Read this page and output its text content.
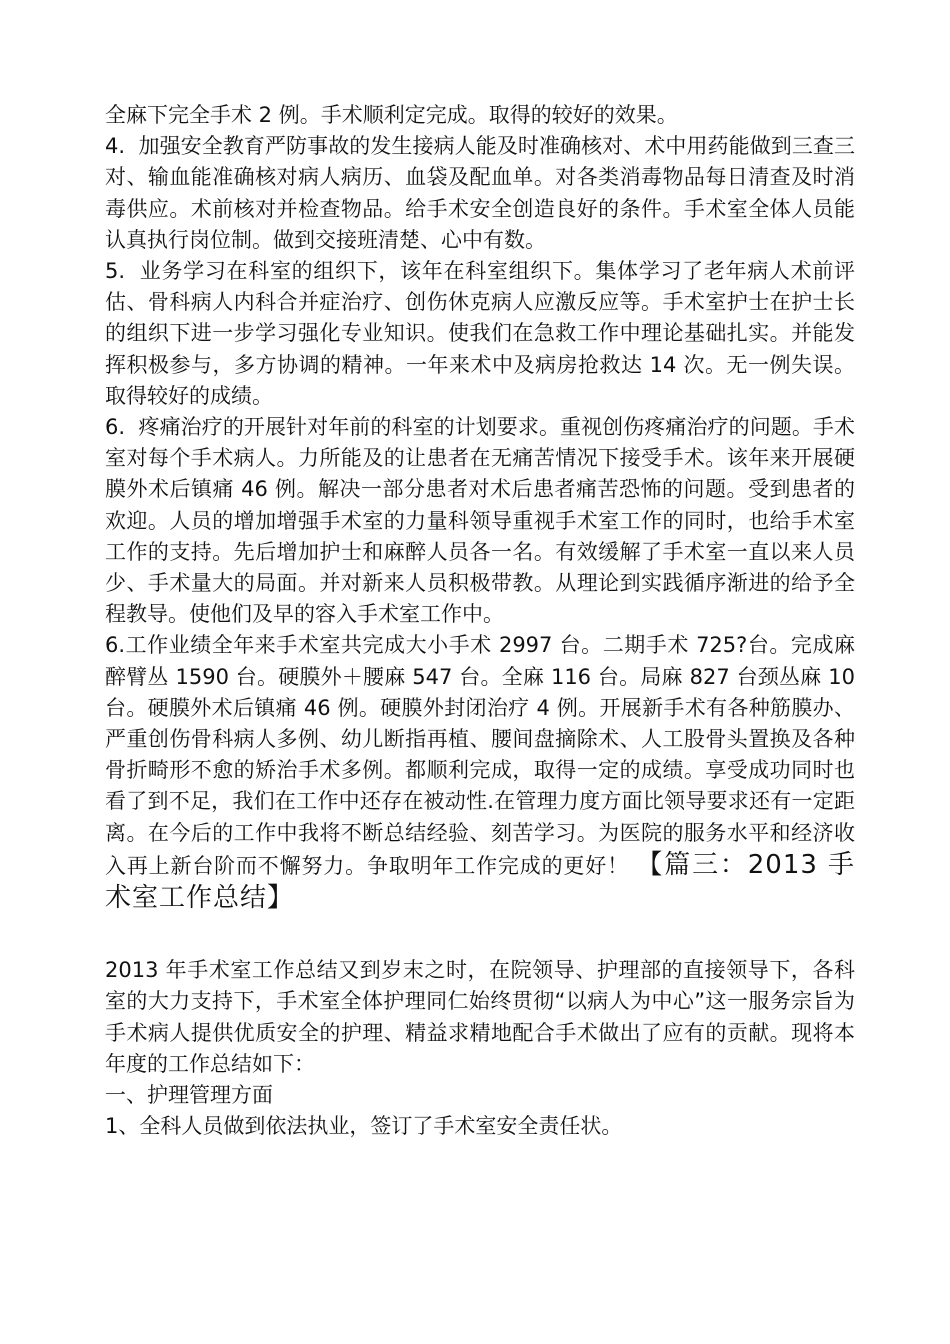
全麻下完全手术 2 例。手术顺利定完成。取得的较好的效果。

4.  加强安全教育严防事故的发生接病人能及时准确核对、术中用药能做到三查三对、输血能准确核对病人病历、血袋及配血单。对各类消毒物品每日清查及时消毒供应。术前核对并检查物品。给手术安全创造良好的条件。手术室全体人员能认真执行岗位制。做到交接班清楚、心中有数。

5.  业务学习在科室的组织下，该年在科室组织下。集体学习了老年病人术前评估、骨科病人内科合并症治疗、创伤休克病人应激反应等。手术室护士在护士长的组织下进一步学习强化专业知识。使我们在急救工作中理论基础扎实。并能发挥积极参与，多方协调的精神。一年来术中及病房抢救达 14 次。无一例失误。取得较好的成绩。

6.  疼痛治疗的开展针对年前的科室的计划要求。重视创伤疼痛治疗的问题。手术室对每个手术病人。力所能及的让患者在无痛苦情况下接受手术。该年来开展硬膜外术后镇痛 46 例。解决一部分患者对术后患者痛苦恐怖的问题。受到患者的欢迎。人员的增加增强手术室的力量科领导重视手术室工作的同时，也给手术室工作的支持。先后增加护士和麻醉人员各一名。有效缓解了手术室一直以来人员少、手术量大的局面。并对新来人员积极带教。从理论到实践循序渐进的给予全程教导。使他们及早的容入手术室工作中。

6.工作业绩全年来手术室共完成大小手术 2997 台。二期手术 725?台。完成麻醉臂丛 1590 台。硬膜外＋腰麻 547 台。全麻 116 台。局麻 827 台颈丛麻 10 台。硬膜外术后镇痛 46 例。硬膜外封闭治疗 4 例。开展新手术有各种筋膜办、严重创伤骨科病人多例、幼儿断指再植、腰间盘摘除术、人工股骨头置换及各种骨折畸形不愈的矫治手术多例。都顺利完成，取得一定的成绩。享受成功同时也看了到不足，我们在工作中还存在被动性.在管理力度方面比领导要求还有一定距离。在今后的工作中我将不断总结经验、刻苦学习。为医院的服务水平和经济收入再上新台阶而不懈努力。争取明年工作完成的更好！ 【篇三：2013 手术室工作总结】

2013 年手术室工作总结又到岁末之时，在院领导、护理部的直接领导下，各科室的大力支持下，手术室全体护理同仁始终贯彻“以病人为中心”这一服务宗旨为手术病人提供优质安全的护理、精益求精地配合手术做出了应有的贡献。现将本年度的工作总结如下：

一、护理管理方面

1、全科人员做到依法执业，签订了手术室安全责任状。
